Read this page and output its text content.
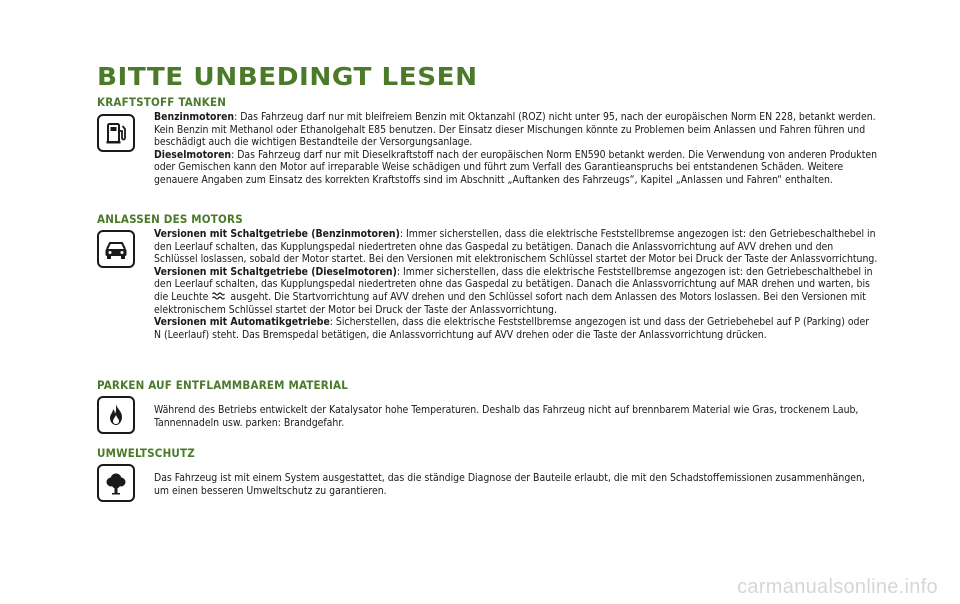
BITTE UNBEDINGT LESEN
KRAFTSTOFF TANKEN

Benzinmotoren: Das Fahrzeug darf nur mit bleifreiem Benzin mit Oktanzahl (ROZ) nicht unter 95, nach der europäischen Norm EN 228, betankt werden. Kein Benzin mit Methanol oder Ethanolgehalt E85 benutzen. Der Einsatz dieser Mischungen könnte zu Problemen beim Anlassen und Fahren führen und beschädigt auch die wichtigen Bestandteile der Versorgungsanlage.

Dieselmotoren: Das Fahrzeug darf nur mit Dieselkraftstoff nach der europäischen Norm EN590 betankt werden. Die Verwendung von anderen Produkten oder Gemischen kann den Motor auf irreparable Weise schädigen und führt zum Verfall des Garantieanspruchs bei entstandenen Schäden. Weitere genauere Angaben zum Einsatz des korrekten Kraftstoffs sind im Abschnitt „Auftanken des Fahrzeugs“, Kapitel „Anlassen und Fahren“ enthalten.

ANLASSEN DES MOTORS

Versionen mit Schaltgetriebe (Benzinmotoren): Immer sicherstellen, dass die elektrische Feststellbremse angezogen ist: den Getriebeschalthebel in den Leerlauf schalten, das Kupplungspedal niedertreten ohne das Gaspedal zu betätigen. Danach die Anlassvorrichtung auf AVV drehen und den Schlüssel loslassen, sobald der Motor startet. Bei den Versionen mit elektronischem Schlüssel startet der Motor bei Druck der Taste der Anlassvorrichtung.

Versionen mit Schaltgetriebe (Dieselmotoren): Immer sicherstellen, dass die elektrische Feststellbremse angezogen ist: den Getriebeschalthebel in den Leerlauf schalten, das Kupplungspedal niedertreten ohne das Gaspedal zu betätigen. Danach die Anlassvorrichtung auf MAR drehen und warten, bis die Leuchte ausgeht. Die Startvorrichtung auf AVV drehen und den Schlüssel sofort nach dem Anlassen des Motors loslassen. Bei den Versionen mit elektronischem Schlüssel startet der Motor bei Druck der Taste der Anlassvorrichtung.

Versionen mit Automatikgetriebe: Sicherstellen, dass die elektrische Feststellbremse angezogen ist und dass der Getriebehebel auf P (Parking) oder N (Leerlauf) steht. Das Bremspedal betätigen, die Anlassvorrichtung auf AVV drehen oder die Taste der Anlassvorrichtung drücken.

PARKEN AUF ENTFLAMMBAREM MATERIAL

Während des Betriebs entwickelt der Katalysator hohe Temperaturen. Deshalb das Fahrzeug nicht auf brennbarem Material wie Gras, trockenem Laub, Tannennadeln usw. parken: Brandgefahr.

UMWELTSCHUTZ

Das Fahrzeug ist mit einem System ausgestattet, das die ständige Diagnose der Bauteile erlaubt, die mit den Schadstoffemissionen zusammenhängen, um einen besseren Umweltschutz zu garantieren.

carmanualsonline.info
